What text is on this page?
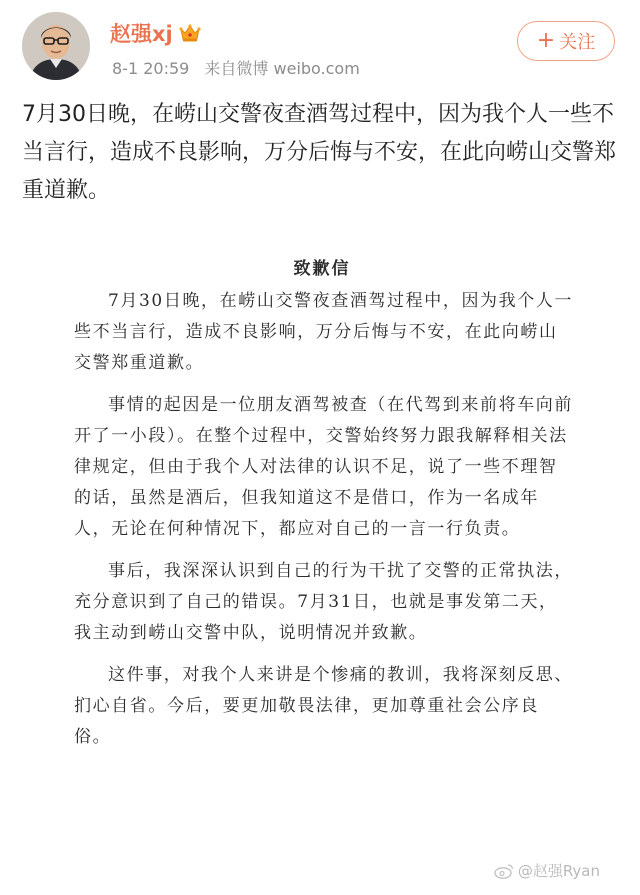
赵强xj
8-1 20:59 来自微博 weibo.com
+ 关注

7月30日晚，在崂山交警夜查酒驾过程中，因为我个人一些不当言行，造成不良影响，万分后悔与不安，在此向崂山交警郑重道歉。

致歉信

7月30日晚，在崂山交警夜查酒驾过程中，因为我个人一些不当言行，造成不良影响，万分后悔与不安，在此向崂山交警郑重道歉。

事情的起因是一位朋友酒驾被查（在代驾到来前将车向前开了一小段）。在整个过程中，交警始终努力跟我解释相关法律规定，但由于我个人对法律的认识不足，说了一些不理智的话，虽然是酒后，但我知道这不是借口，作为一名成年人，无论在何种情况下，都应对自己的一言一行负责。

事后，我深深认识到自己的行为干扰了交警的正常执法，充分意识到了自己的错误。7月31日，也就是事发第二天，我主动到崂山交警中队，说明情况并致歉。

这件事，对我个人来讲是个惨痛的教训，我将深刻反思、扪心自省。今后，要更加敬畏法律，更加尊重社会公序良俗。

@赵强Ryan
